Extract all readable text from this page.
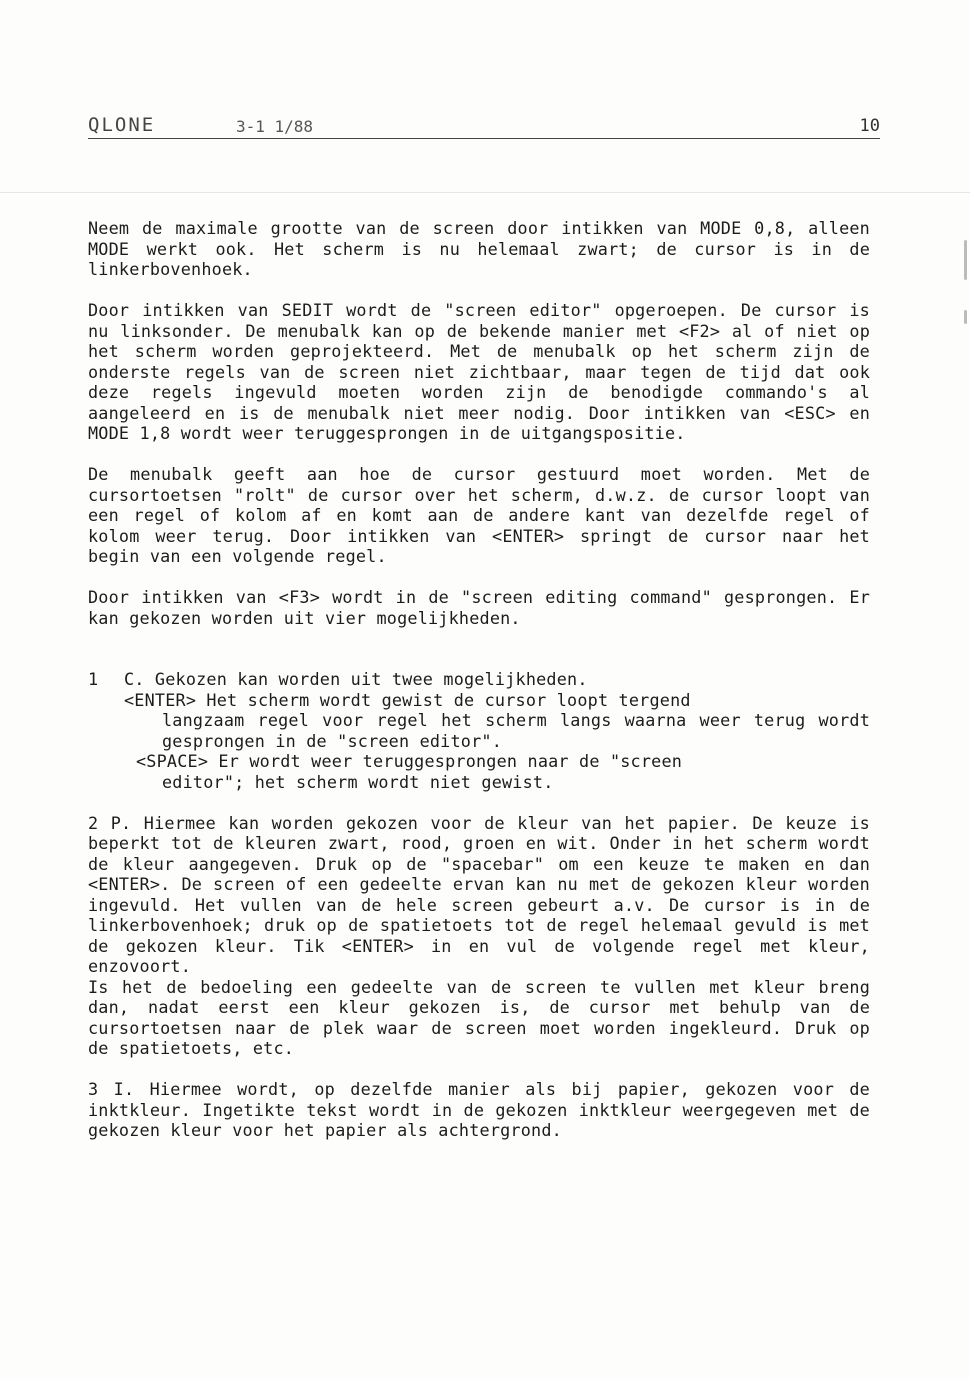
QLONE	3-1 1/88	10

Neem de maximale grootte van de screen door intikken van MODE 0,8, alleen MODE werkt ook. Het scherm is nu helemaal zwart; de cursor is in de linkerbovenhoek.

Door intikken van SEDIT wordt de "screen editor" opgeroepen. De cursor is nu linksonder. De menubalk kan op de bekende manier met <F2> al of niet op het scherm worden geprojekteerd. Met de menubalk op het scherm zijn de onderste regels van de screen niet zichtbaar, maar tegen de tijd dat ook deze regels ingevuld moeten worden zijn de benodigde commando's al aangeleerd en is de menubalk niet meer nodig. Door intikken van <ESC> en MODE 1,8 wordt weer teruggesprongen in de uitgangspositie.

De menubalk geeft aan hoe de cursor gestuurd moet worden. Met de cursortoetsen "rolt" de cursor over het scherm, d.w.z. de cursor loopt van een regel of kolom af en komt aan de andere kant van dezelfde regel of kolom weer terug. Door intikken van <ENTER> springt de cursor naar het begin van een volgende regel.

Door intikken van <F3> wordt in de "screen editing command" gesprongen. Er kan gekozen worden uit vier mogelijkheden.

1 C. Gekozen kan worden uit twee mogelijkheden.
<ENTER> Het scherm wordt gewist de cursor loopt tergend
langzaam regel voor regel het scherm langs waarna weer terug wordt gesprongen in de "screen editor".
<SPACE> Er wordt weer teruggesprongen naar de "screen
editor"; het scherm wordt niet gewist.

2 P. Hiermee kan worden gekozen voor de kleur van het papier. De keuze is beperkt tot de kleuren zwart, rood, groen en wit. Onder in het scherm wordt de kleur aangegeven. Druk op de "spacebar" om een keuze te maken en dan <ENTER>. De screen of een gedeelte ervan kan nu met de gekozen kleur worden ingevuld. Het vullen van de hele screen gebeurt a.v. De cursor is in de linkerbovenhoek; druk op de spatietoets tot de regel helemaal gevuld is met de gekozen kleur. Tik <ENTER> in en vul de volgende regel met kleur, enzovoort.

Is het de bedoeling een gedeelte van de screen te vullen met kleur breng dan, nadat eerst een kleur gekozen is, de cursor met behulp van de cursortoetsen naar de plek waar de screen moet worden ingekleurd. Druk op de spatietoets, etc.

3 I. Hiermee wordt, op dezelfde manier als bij papier, gekozen voor de inktkleur. Ingetikte tekst wordt in de gekozen inktkleur weergegeven met de gekozen kleur voor het papier als achtergrond.
